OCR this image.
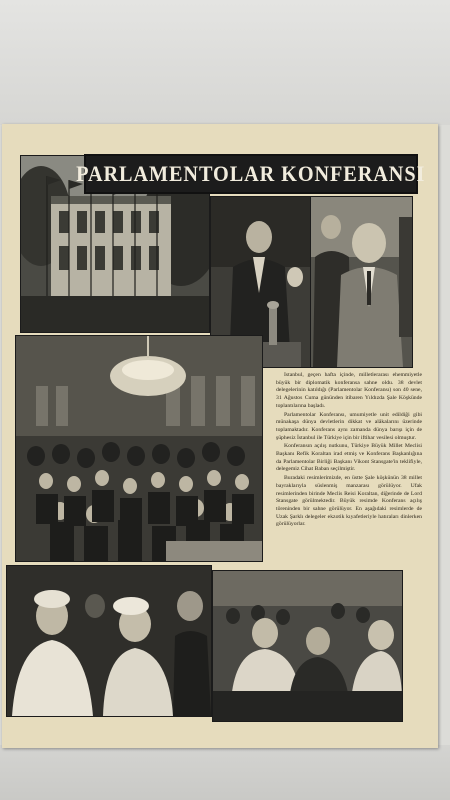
PARLAMENTOLAR KONFERANSI

İstanbul, geçen hafta içinde, milletlerarası ehemmiyetle büyük bir diplomatik konferansa sahne oldu. 38 devlet delegelerinin katıldığı (Parlamentolar Konferansı) son 40 sene, 31 Ağustos Cuma gününden itibaren Yıldızda Şale Köşkünde toplantılarına başladı.

Parlamentolar Konferansı, umumiyetle unit edildiği gibi münakaşa dünya devletlerin dikkat ve alâkalarını üzerinde toplamaktadır. Konferans aynı zamanda dünya barışı için de şüphesiz İstanbul ile Türkiye için bir iftihar vesilesi olmuştur.

Konferansın açılış nutkunu, Türkiye Büyük Millet Meclisi Başkanı Refik Koraltan irad etmiş ve Konferans Başkanlığına da Parlamentolar Birliği Başkanı Vikont Stansgate'in teklifiyle, delegemiz Cihat Baban seçilmiştir.

Buradaki resimlerimizde, en üstte Şale köşkünün 38 millet bayraklarıyla süslenmiş manzarası görülüyor. Ufak resimlerinden birinde Meclis Reisi Koraltan, diğerinde de Lord Stansgate görülmektedir. Büyük resimde Konferans açılış töreninden bir sahne görülüyor. En aşağıdaki resimlerde de Uzak Şarklı delegeler ekzotik kıyafetleriyle hatıraları dinlerken görülüyorlar.
